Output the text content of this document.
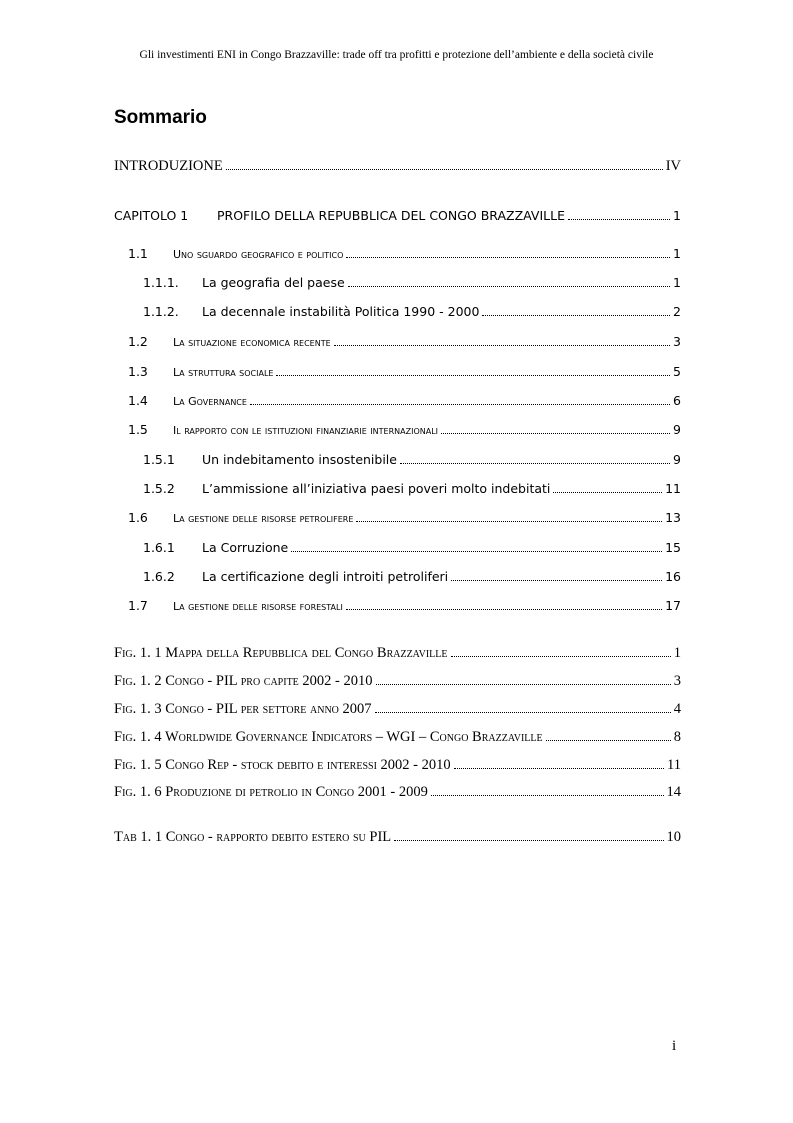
Gli investimenti ENI in Congo Brazzaville: trade off tra profitti e protezione dell’ambiente e della società civile
Sommario
INTRODUZIONE	IV
CAPITOLO 1	PROFILO DELLA REPUBBLICA DEL CONGO BRAZZAVILLE	1
1.1	Uno sguardo geografico e politico	1
1.1.1.	La geografia del paese	1
1.1.2.	La decennale instabilità Politica 1990 - 2000	2
1.2	La situazione economica recente	3
1.3	La struttura sociale	5
1.4	La Governance	6
1.5	Il rapporto con le istituzioni finanziarie internazionali	9
1.5.1	Un indebitamento insostenibile	9
1.5.2	L’ammissione all’iniziativa paesi poveri molto indebitati	11
1.6	La gestione delle risorse petrolifere	13
1.6.1	La Corruzione	15
1.6.2	La certificazione degli introiti petroliferi	16
1.7	La gestione delle risorse forestali	17
Fig. 1. 1 Mappa della Repubblica del Congo Brazzaville	1
Fig. 1. 2 Congo - PIL pro capite 2002 - 2010	3
Fig. 1. 3 Congo - PIL per settore anno 2007	4
Fig. 1. 4 Worldwide Governance Indicators – WGI – Congo Brazzaville	8
Fig. 1. 5 Congo Rep - stock debito e interessi 2002 - 2010	11
Fig. 1. 6 Produzione di petrolio in Congo 2001 - 2009	14
Tab 1. 1 Congo - rapporto debito estero su PIL	10
i
